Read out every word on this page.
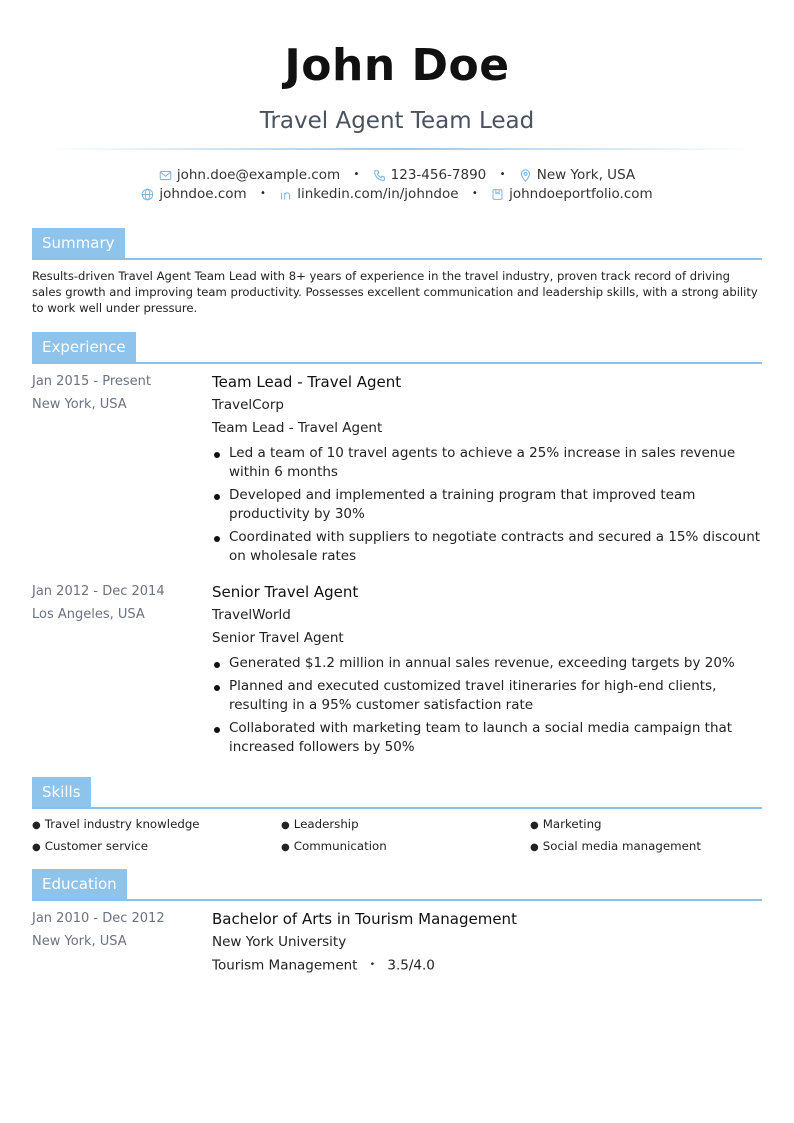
John Doe
Travel Agent Team Lead
john.doe@example.com • 123-456-7890 • New York, USA
johndoe.com • linkedin.com/in/johndoe • johndoeportfolio.com
Summary
Results-driven Travel Agent Team Lead with 8+ years of experience in the travel industry, proven track record of driving sales growth and improving team productivity. Possesses excellent communication and leadership skills, with a strong ability to work well under pressure.
Experience
Jan 2015 - Present
New York, USA
Team Lead - Travel Agent
TravelCorp
Team Lead - Travel Agent
Led a team of 10 travel agents to achieve a 25% increase in sales revenue within 6 months
Developed and implemented a training program that improved team productivity by 30%
Coordinated with suppliers to negotiate contracts and secured a 15% discount on wholesale rates
Jan 2012 - Dec 2014
Los Angeles, USA
Senior Travel Agent
TravelWorld
Senior Travel Agent
Generated $1.2 million in annual sales revenue, exceeding targets by 20%
Planned and executed customized travel itineraries for high-end clients, resulting in a 95% customer satisfaction rate
Collaborated with marketing team to launch a social media campaign that increased followers by 50%
Skills
● Travel industry knowledge	● Leadership	● Marketing
● Customer service	● Communication	● Social media management
Education
Jan 2010 - Dec 2012
New York, USA
Bachelor of Arts in Tourism Management
New York University
Tourism Management • 3.5/4.0
